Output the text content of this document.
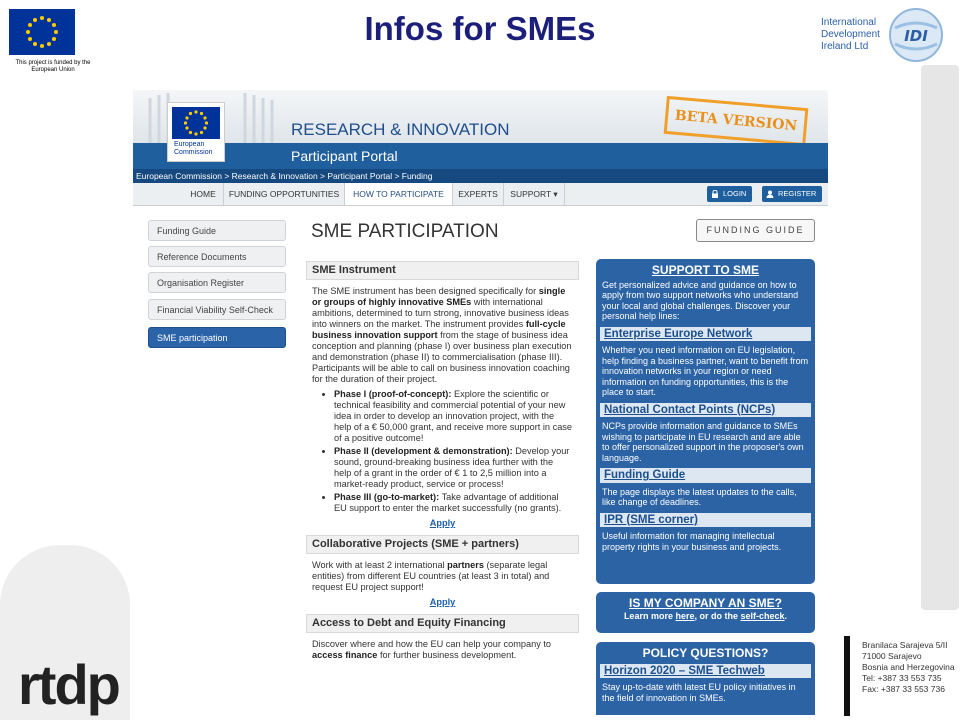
This project is funded by the European Union
Infos for SMEs	International
Development
Ireland Ltd
IDI
rtdp
Branilaca Sarajeva 5/II
71000 Sarajevo
Bosnia and Herzegovina
Tel: +387 33 553 735
Fax: +387 33 553 736
European
Commission
RESEARCH & INNOVATION
BETA VERSION
Participant Portal
European Commission > Research & Innovation > Participant Portal > Funding
HOME	FUNDING OPPORTUNITIES	HOW TO PARTICIPATE	EXPERTS	SUPPORT ▾	LOGIN	REGISTER
Funding Guide
Reference Documents
Organisation Register
Financial Viability Self-Check
SME participation
SME PARTICIPATION	FUNDING GUIDE
SME Instrument
The SME instrument has been designed specifically for single or groups of highly innovative SMEs with international ambitions, determined to turn strong, innovative business ideas into winners on the market. The instrument provides full-cycle business innovation support from the stage of business idea conception and planning (phase I) over business plan execution and demonstration (phase II) to commercialisation (phase III). Participants will be able to call on business innovation coaching for the duration of their project.
• Phase I (proof-of-concept): Explore the scientific or technical feasibility and commercial potential of your new idea in order to develop an innovation project, with the help of a € 50,000 grant, and receive more support in case of a positive outcome!
• Phase II (development & demonstration): Develop your sound, ground-breaking business idea further with the help of a grant in the order of € 1 to 2,5 million into a market-ready product, service or process!
• Phase III (go-to-market): Take advantage of additional EU support to enter the market successfully (no grants).
Apply
Collaborative Projects (SME + partners)
Work with at least 2 international partners (separate legal entities) from different EU countries (at least 3 in total) and request EU project support!
Apply
Access to Debt and Equity Financing
Discover where and how the EU can help your company to access finance for further business development.
SUPPORT TO SME

Get personalized advice and guidance on how to apply from two support networks who understand your local and global challenges. Discover your personal help lines:

Enterprise Europe Network

Whether you need information on EU legislation, help finding a business partner, want to benefit from innovation networks in your region or need information on funding opportunities, this is the place to start.

National Contact Points (NCPs)

NCPs provide information and guidance to SMEs wishing to participate in EU research and are able to offer personalized support in the proposer's own language.

Funding Guide

The page displays the latest updates to the calls, like change of deadlines.

IPR (SME corner)

Useful information for managing intellectual property rights in your business and projects.

IS MY COMPANY AN SME?
Learn more here, or do the self-check.
POLICY QUESTIONS?
Horizon 2020 – SME Techweb

Stay up-to-date with latest EU policy initiatives in the field of innovation in SMEs.
